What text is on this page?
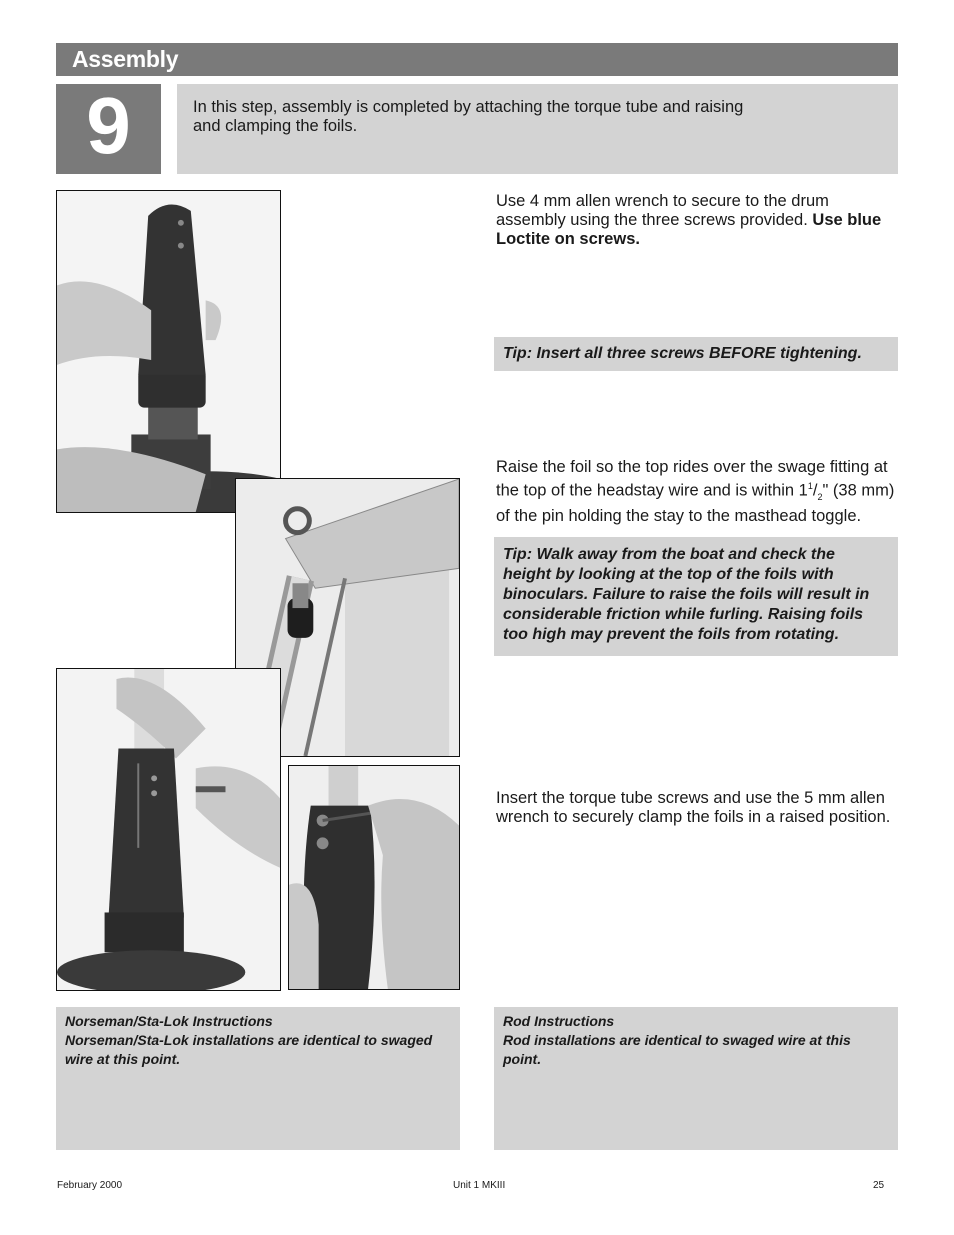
Assembly
9	In this step, assembly is completed by attaching the torque tube and raising and clamping the foils.

Use 4 mm allen wrench to secure to the drum assembly using the three screws provided. Use blue Loctite on screws.

Tip: Insert all three screws BEFORE tightening.

Raise the foil so the top rides over the swage fitting at the top of the headstay wire and is within $1^1/_2$" (38 mm) of the pin holding the stay to the masthead toggle.

Tip: Walk away from the boat and check the height by looking at the top of the foils with binoculars. Failure to raise the foils will result in considerable friction while furling. Raising foils too high may prevent the foils from rotating.

Insert the torque tube screws and use the 5 mm allen wrench to securely clamp the foils in a raised position.

Norseman/Sta-Lok Instructions

Norseman/Sta-Lok installations are identical to swaged wire at this point.

Rod Instructions

Rod installations are identical to swaged wire at this point.

February 2000	Unit 1 MKIII	25
